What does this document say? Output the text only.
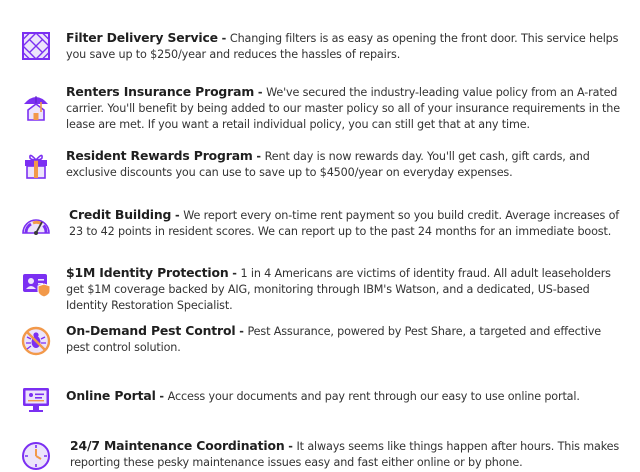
Filter Delivery Service - Changing filters is as easy as opening the front door. This service helps you save up to $250/year and reduces the hassles of repairs.
Renters Insurance Program - We've secured the industry-leading value policy from an A-rated carrier. You'll benefit by being added to our master policy so all of your insurance requirements in the lease are met. If you want a retail individual policy, you can still get that at any time.
Resident Rewards Program - Rent day is now rewards day. You'll get cash, gift cards, and exclusive discounts you can use to save up to $4500/year on everyday expenses.
Credit Building - We report every on-time rent payment so you build credit. Average increases of 23 to 42 points in resident scores. We can report up to the past 24 months for an immediate boost.
$1M Identity Protection - 1 in 4 Americans are victims of identity fraud. All adult leaseholders get $1M coverage backed by AIG, monitoring through IBM's Watson, and a dedicated, US-based Identity Restoration Specialist.
On-Demand Pest Control - Pest Assurance, powered by Pest Share, a targeted and effective pest control solution.
Online Portal - Access your documents and pay rent through our easy to use online portal.
24/7 Maintenance Coordination - It always seems like things happen after hours. This makes reporting these pesky maintenance issues easy and fast either online or by phone.
